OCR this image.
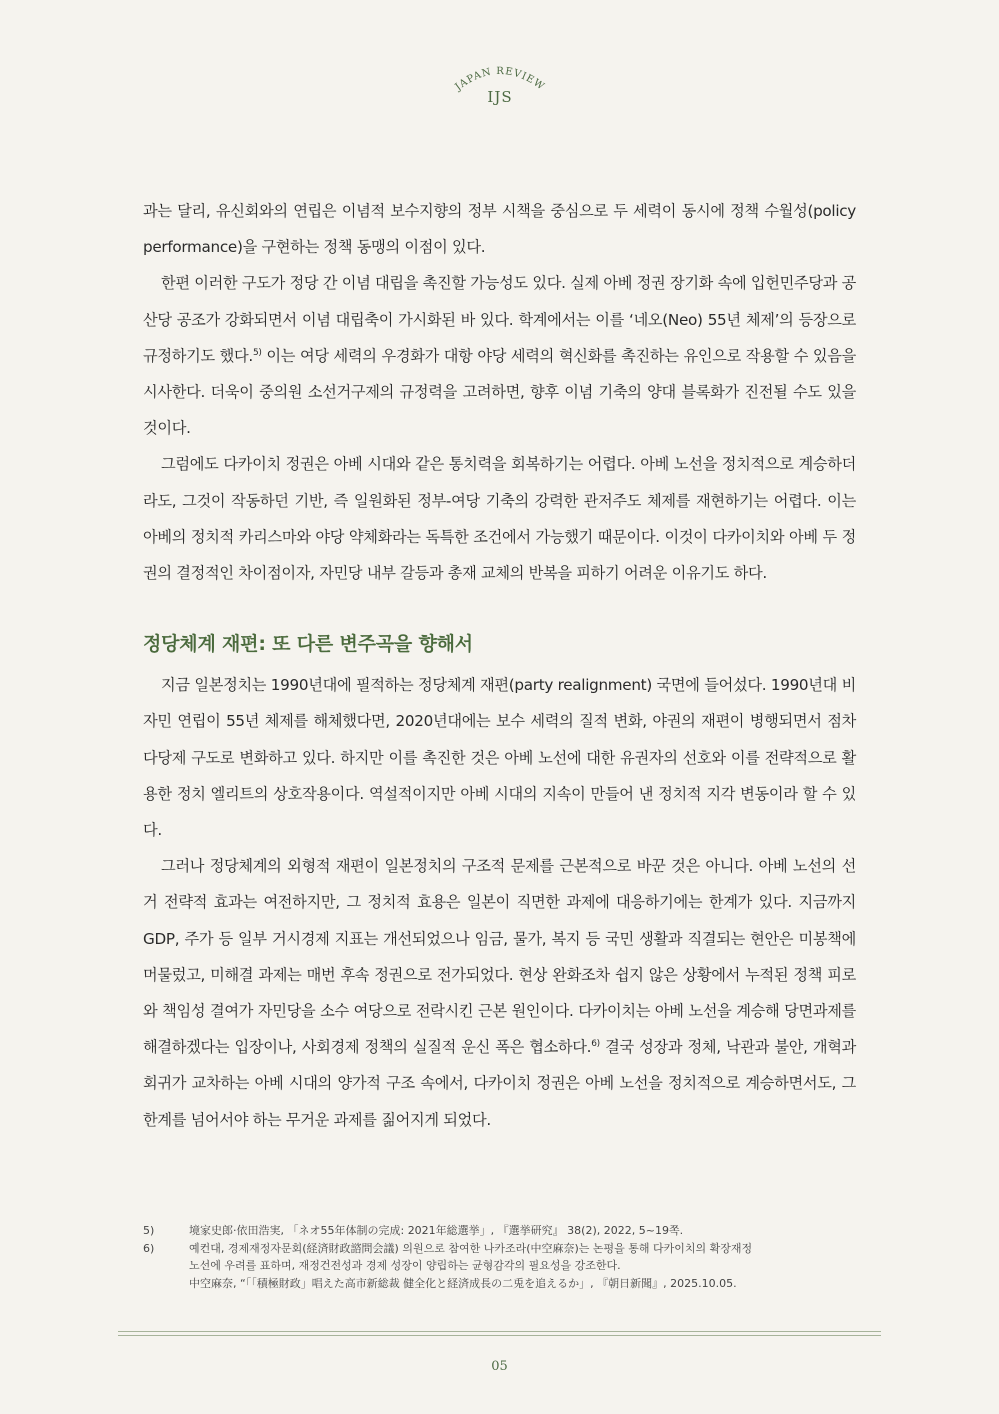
JAPAN REVIEW
IJS

과는 달리, 유신회와의 연립은 이념적 보수지향의 정부 시책을 중심으로 두 세력이 동시에 정책 수월성(policy performance)을 구현하는 정책 동맹의 이점이 있다.

한편 이러한 구도가 정당 간 이념 대립을 촉진할 가능성도 있다. 실제 아베 정권 장기화 속에 입헌민주당과 공산당 공조가 강화되면서 이념 대립축이 가시화된 바 있다. 학계에서는 이를 ‘네오(Neo) 55년 체제’의 등장으로 규정하기도 했다.$^{5)}$ 이는 여당 세력의 우경화가 대항 야당 세력의 혁신화를 촉진하는 유인으로 작용할 수 있음을 시사한다. 더욱이 중의원 소선거구제의 규정력을 고려하면, 향후 이념 기축의 양대 블록화가 진전될 수도 있을 것이다.

그럼에도 다카이치 정권은 아베 시대와 같은 통치력을 회복하기는 어렵다. 아베 노선을 정치적으로 계승하더라도, 그것이 작동하던 기반, 즉 일원화된 정부-여당 기축의 강력한 관저주도 체제를 재현하기는 어렵다. 이는 아베의 정치적 카리스마와 야당 약체화라는 독특한 조건에서 가능했기 때문이다. 이것이 다카이치와 아베 두 정권의 결정적인 차이점이자, 자민당 내부 갈등과 총재 교체의 반복을 피하기 어려운 이유기도 하다.

정당체계 재편: 또 다른 변주곡을 향해서

지금 일본정치는 1990년대에 필적하는 정당체계 재편(party realignment) 국면에 들어섰다. 1990년대 비자민 연립이 55년 체제를 해체했다면, 2020년대에는 보수 세력의 질적 변화, 야권의 재편이 병행되면서 점차 다당제 구도로 변화하고 있다. 하지만 이를 촉진한 것은 아베 노선에 대한 유권자의 선호와 이를 전략적으로 활용한 정치 엘리트의 상호작용이다. 역설적이지만 아베 시대의 지속이 만들어 낸 정치적 지각 변동이라 할 수 있다.

그러나 정당체계의 외형적 재편이 일본정치의 구조적 문제를 근본적으로 바꾼 것은 아니다. 아베 노선의 선거 전략적 효과는 여전하지만, 그 정치적 효용은 일본이 직면한 과제에 대응하기에는 한계가 있다. 지금까지 GDP, 주가 등 일부 거시경제 지표는 개선되었으나 임금, 물가, 복지 등 국민 생활과 직결되는 현안은 미봉책에 머물렀고, 미해결 과제는 매번 후속 정권으로 전가되었다. 현상 완화조차 쉽지 않은 상황에서 누적된 정책 피로와 책임성 결여가 자민당을 소수 여당으로 전락시킨 근본 원인이다. 다카이치는 아베 노선을 계승해 당면과제를 해결하겠다는 입장이나, 사회경제 정책의 실질적 운신 폭은 협소하다.$^{6)}$ 결국 성장과 정체, 낙관과 불안, 개혁과 회귀가 교차하는 아베 시대의 양가적 구조 속에서, 다카이치 정권은 아베 노선을 정치적으로 계승하면서도, 그 한계를 넘어서야 하는 무거운 과제를 짊어지게 되었다.

5)	境家史郎·依田浩実, 「ネオ55年体制の完成: 2021年総選挙」, 『選挙研究』 38(2), 2022, 5~19쪽.
6)	예컨대, 경제재정자문회(経済財政諮問会議) 의원으로 참여한 나카조라(中空麻奈)는 논평을 통해 다카이치의 확장재정
노선에 우려를 표하며, 재정건전성과 경제 성장이 양립하는 균형감각의 필요성을 강조한다.
中空麻奈, “「「積極財政」唱えた高市新総裁 健全化と経済成長の二兎を追えるか」, 『朝日新聞』, 2025.10.05.
05
